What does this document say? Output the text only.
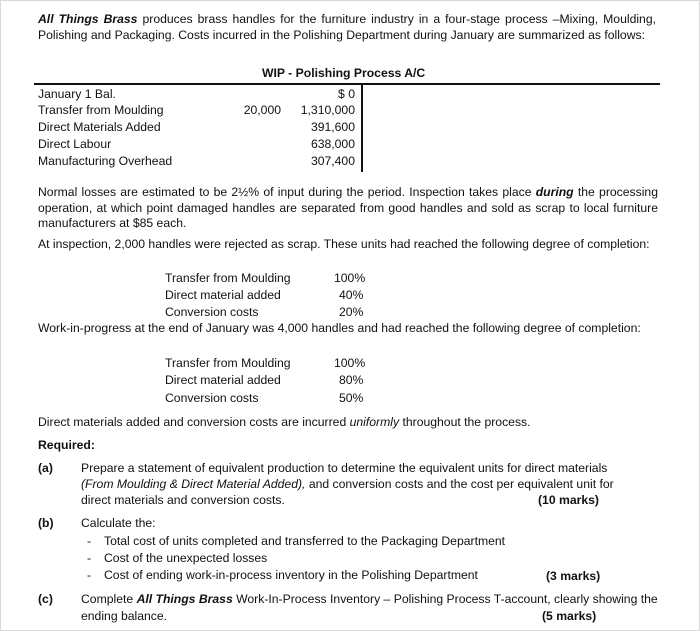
All Things Brass produces brass handles for the furniture industry in a four-stage process –Mixing, Moulding, Polishing and Packaging. Costs incurred in the Polishing Department during January are summarized as follows:
WIP - Polishing Process A/C
January 1 Bal.	$ 0
Transfer from Moulding	20,000	1,310,000
Direct Materials Added	391,600
Direct Labour	638,000
Manufacturing Overhead	307,400
Normal losses are estimated to be 2½% of input during the period. Inspection takes place during the processing operation, at which point damaged handles are separated from good handles and sold as scrap to local furniture manufacturers at $85 each.
At inspection, 2,000 handles were rejected as scrap. These units had reached the following degree of completion:
Transfer from Moulding	100%
Direct material added	40%
Conversion costs	20%
Work-in-progress at the end of January was 4,000 handles and had reached the following degree of completion:
Transfer from Moulding	100%
Direct material added	80%
Conversion costs	50%
Direct materials added and conversion costs are incurred uniformly throughout the process.
Required:
(a) Prepare a statement of equivalent production to determine the equivalent units for direct materials
(From Moulding & Direct Material Added), and conversion costs and the cost per equivalent unit for
direct materials and conversion costs.	(10 marks)
(b) Calculate the:
- Total cost of units completed and transferred to the Packaging Department
- Cost of the unexpected losses
- Cost of ending work-in-process inventory in the Polishing Department	(3 marks)
(c) Complete All Things Brass Work-In-Process Inventory – Polishing Process T-account, clearly showing the
ending balance.	(5 marks)
